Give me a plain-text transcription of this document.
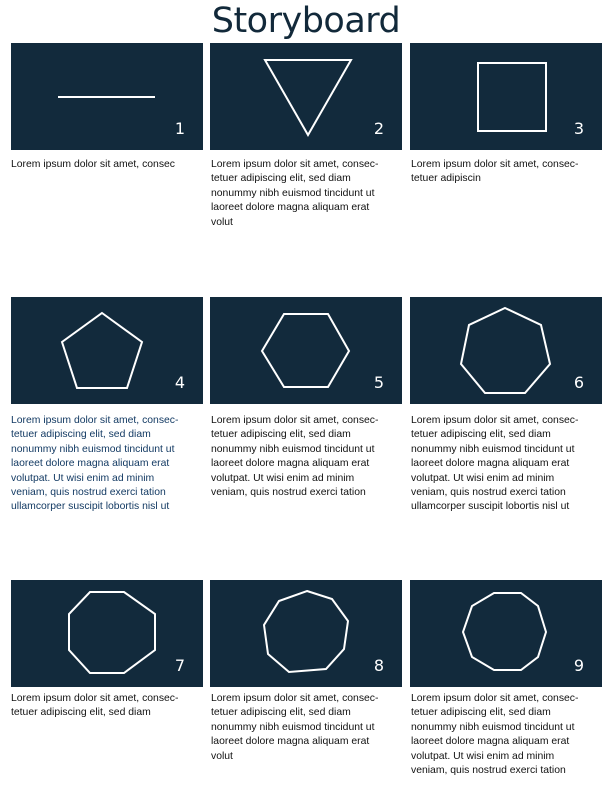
Storyboard
1	2	3
Lorem ipsum dolor sit amet, consec	Lorem ipsum dolor sit amet, consec-
tetuer adipiscing elit, sed diam
nonummy nibh euismod tincidunt ut
laoreet dolore magna aliquam erat
volut
Lorem ipsum dolor sit amet, consec-
tetuer adipiscin
4	5	6
Lorem ipsum dolor sit amet, consec-
tetuer adipiscing elit, sed diam
nonummy nibh euismod tincidunt ut
laoreet dolore magna aliquam erat
volutpat. Ut wisi enim ad minim
veniam, quis nostrud exerci tation
ullamcorper suscipit lobortis nisl ut
Lorem ipsum dolor sit amet, consec-
tetuer adipiscing elit, sed diam
nonummy nibh euismod tincidunt ut
laoreet dolore magna aliquam erat
volutpat. Ut wisi enim ad minim
veniam, quis nostrud exerci tation
Lorem ipsum dolor sit amet, consec-
tetuer adipiscing elit, sed diam
nonummy nibh euismod tincidunt ut
laoreet dolore magna aliquam erat
volutpat. Ut wisi enim ad minim
veniam, quis nostrud exerci tation
ullamcorper suscipit lobortis nisl ut
7	8	9
Lorem ipsum dolor sit amet, consec-
tetuer adipiscing elit, sed diam
Lorem ipsum dolor sit amet, consec-
tetuer adipiscing elit, sed diam
nonummy nibh euismod tincidunt ut
laoreet dolore magna aliquam erat
volut
Lorem ipsum dolor sit amet, consec-
tetuer adipiscing elit, sed diam
nonummy nibh euismod tincidunt ut
laoreet dolore magna aliquam erat
volutpat. Ut wisi enim ad minim
veniam, quis nostrud exerci tation
